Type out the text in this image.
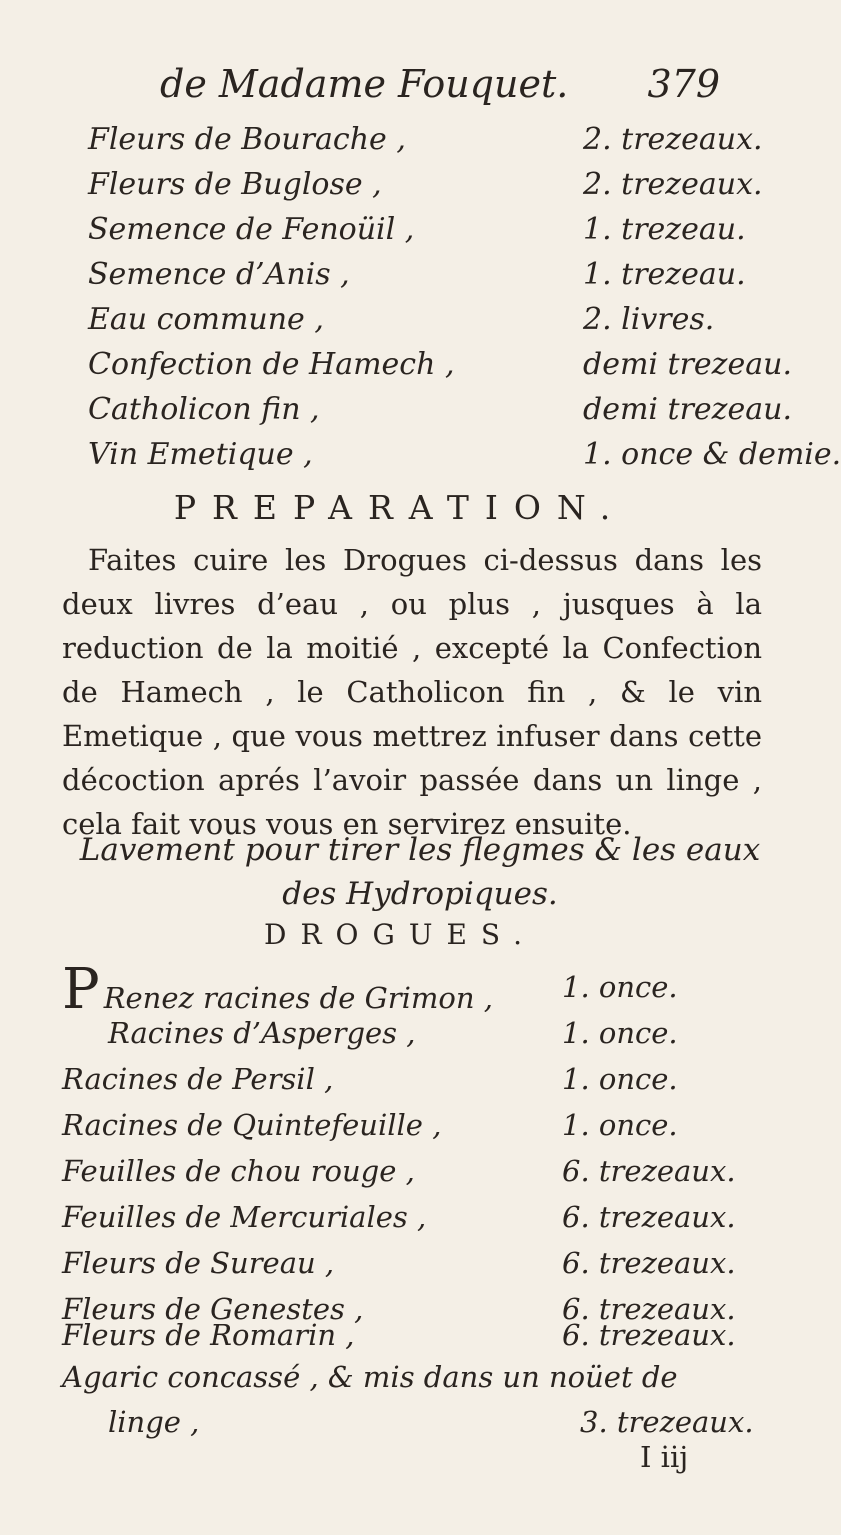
de Madame Fouquet. 379
Fleurs de Bourache ,	2. trezeaux.
Fleurs de Buglose ,	2. trezeaux.
Semence de Fenoüil ,	1. trezeau.
Semence d’Anis ,	1. trezeau.
Eau commune ,	2. livres.
Confection de Hamech ,	demi trezeau.
Catholicon fin ,	demi trezeau.
Vin Emetique ,	1. once & demie.
PREPARATION.

Faites cuire les Drogues ci-dessus dans les deux livres d’eau , ou plus , jusques à la reduction de la moitié , excepté la Confection de Hamech , le Catholicon fin , & le vin Emetique , que vous mettrez infuser dans cette décoction aprés l’avoir passée dans un linge , cela fait vous vous en servirez ensuite.

Lavement pour tirer les flegmes & les eaux des Hydropiques.
DROGUES.
P Renez racines de Grimon , 1. once.
Racines d’Asperges ,	1. once.
Racines de Persil ,	1. once.
Racines de Quintefeuille ,	1. once.
Feuilles de chou rouge ,	6. trezeaux.
Feuilles de Mercuriales ,	6. trezeaux.
Fleurs de Sureau ,	6. trezeaux.
Fleurs de Genestes ,	6. trezeaux.
Fleurs de Romarin ,	6. trezeaux.
Agaric concassé , & mis dans un noüet de
linge ,	3. trezeaux.
I iij
